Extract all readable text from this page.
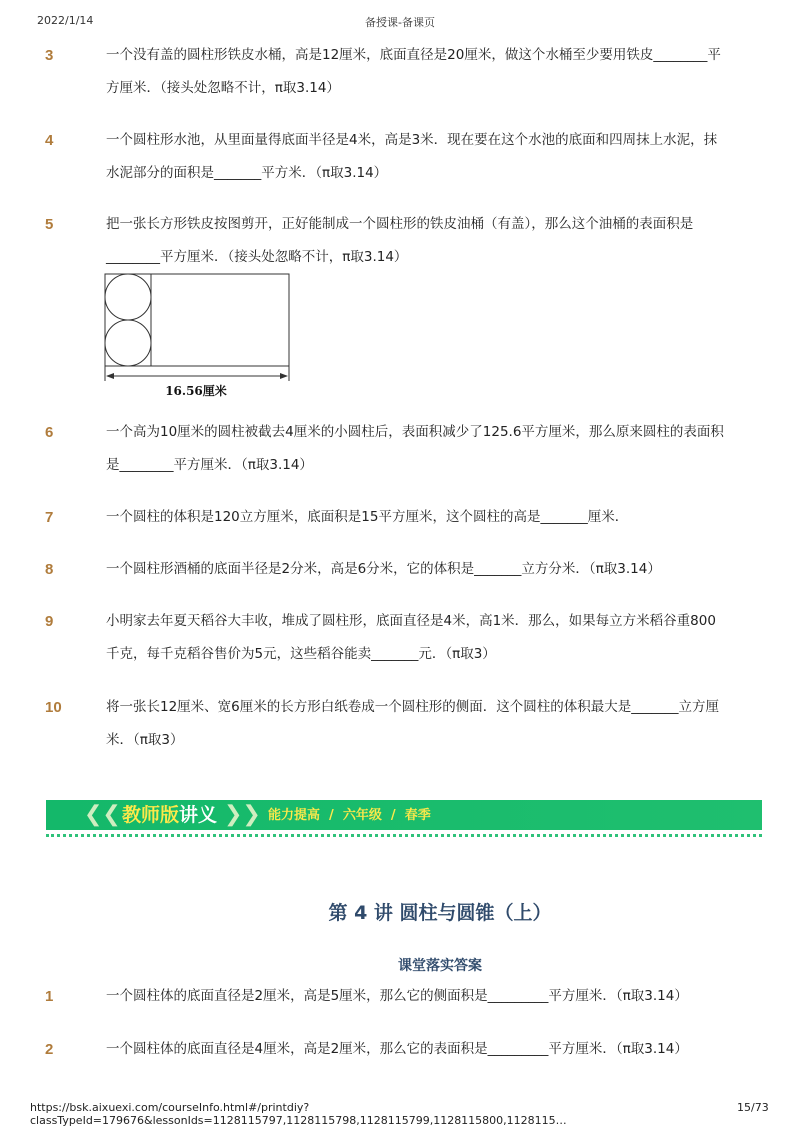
2022/1/14	备授课-备课页
3	一个没有盖的圆柱形铁皮水桶，高是12厘米，底面直径是20厘米，做这个水桶至少要用铁皮________平方厘米．（接头处忽略不计，π取3.14）
4	一个圆柱形水池，从里面量得底面半径是4米，高是3米．现在要在这个水池的底面和四周抹上水泥，抹水泥部分的面积是_______平方米．（π取3.14）
5	把一张长方形铁皮按图剪开，正好能制成一个圆柱形的铁皮油桶（有盖），那么这个油桶的表面积是________平方厘米．（接头处忽略不计，π取3.14）
16.56厘米
6	一个高为10厘米的圆柱被截去4厘米的小圆柱后，表面积减少了125.6平方厘米，那么原来圆柱的表面积是________平方厘米．（π取3.14）
7	一个圆柱的体积是120立方厘米，底面积是15平方厘米，这个圆柱的高是_______厘米．
8	一个圆柱形酒桶的底面半径是2分米，高是6分米，它的体积是_______立方分米．（π取3.14）
9	小明家去年夏天稻谷大丰收，堆成了圆柱形，底面直径是4米，高1米．那么，如果每立方米稻谷重800千克，每千克稻谷售价为5元，这些稻谷能卖_______元．（π取3）
10	将一张长12厘米、宽6厘米的长方形白纸卷成一个圆柱形的侧面．这个圆柱的体积最大是_______立方厘米．（π取3）
❮❮ 教师版讲义 ❯❯ 能力提高  /  六年级  /  春季
第 4 讲 圆柱与圆锥（上）
课堂落实答案
1	一个圆柱体的底面直径是2厘米，高是5厘米，那么它的侧面积是_________平方厘米．（π取3.14）
2	一个圆柱体的底面直径是4厘米，高是2厘米，那么它的表面积是_________平方厘米．（π取3.14）
https://bsk.aixuexi.com/courseInfo.html#/printdiy?classTypeId=179676&lessonIds=1128115797,1128115798,1128115799,1128115800,1128115…
15/73
